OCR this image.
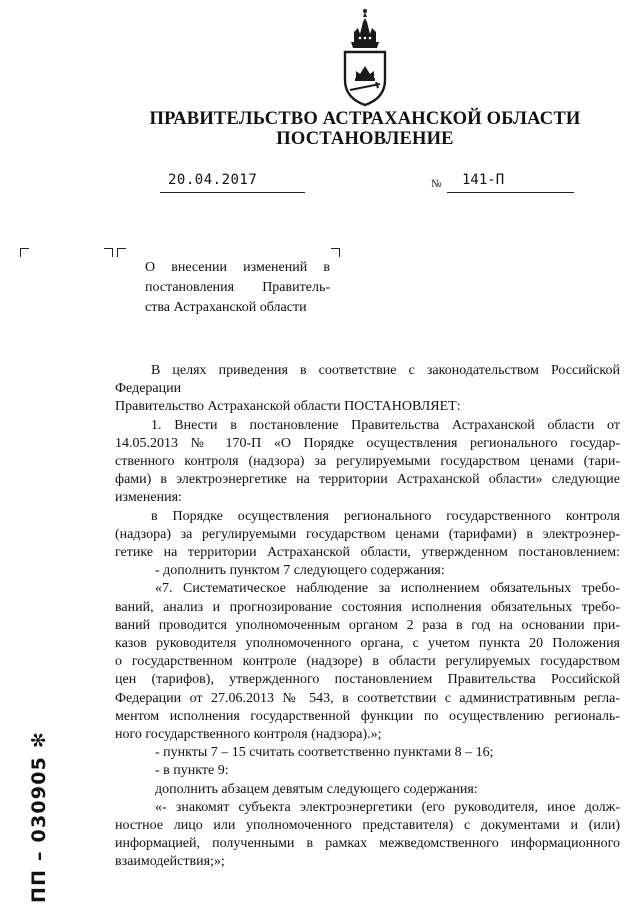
ПРАВИТЕЛЬСТВО АСТРАХАНСКОЙ ОБЛАСТИ
ПОСТАНОВЛЕНИЕ
20.04.2017	№ 141-П
О внесении изменений в
постановления Правитель-
ства Астраханской области
В целях приведения в соответствие с законодательством Российской
Федерации
Правительство Астраханской области ПОСТАНОВЛЯЕТ:
1. Внести в постановление Правительства Астраханской области от
14.05.2013 № 170-П «О Порядке осуществления регионального государ-
ственного контроля (надзора) за регулируемыми государством ценами (тари-
фами) в электроэнергетике на территории Астраханской области» следующие
изменения:
в Порядке осуществления регионального государственного контроля
(надзора) за регулируемыми государством ценами (тарифами) в электроэнер-
гетике на территории Астраханской области, утвержденном постановлением:
- дополнить пунктом 7 следующего содержания:
«7. Систематическое наблюдение за исполнением обязательных требо-
ваний, анализ и прогнозирование состояния исполнения обязательных требо-
ваний проводится уполномоченным органом 2 раза в год на основании при-
казов руководителя уполномоченного органа, с учетом пункта 20 Положения
о государственном контроле (надзоре) в области регулируемых государством
цен (тарифов), утвержденного постановлением Правительства Российской
Федерации от 27.06.2013 № 543, в соответствии с административным регла-
ментом исполнения государственной функции по осуществлению региональ-
ного государственного контроля (надзора).»;
- пункты 7 – 15 считать соответственно пунктами 8 – 16;
- в пункте 9:
дополнить абзацем девятым следующего содержания:
«- знакомят субъекта электроэнергетики (его руководителя, иное долж-
ностное лицо или уполномоченного представителя) с документами и (или)
информацией, полученными в рамках межведомственного информационного
взаимодействия;»;
ПП – 030905 ✻
